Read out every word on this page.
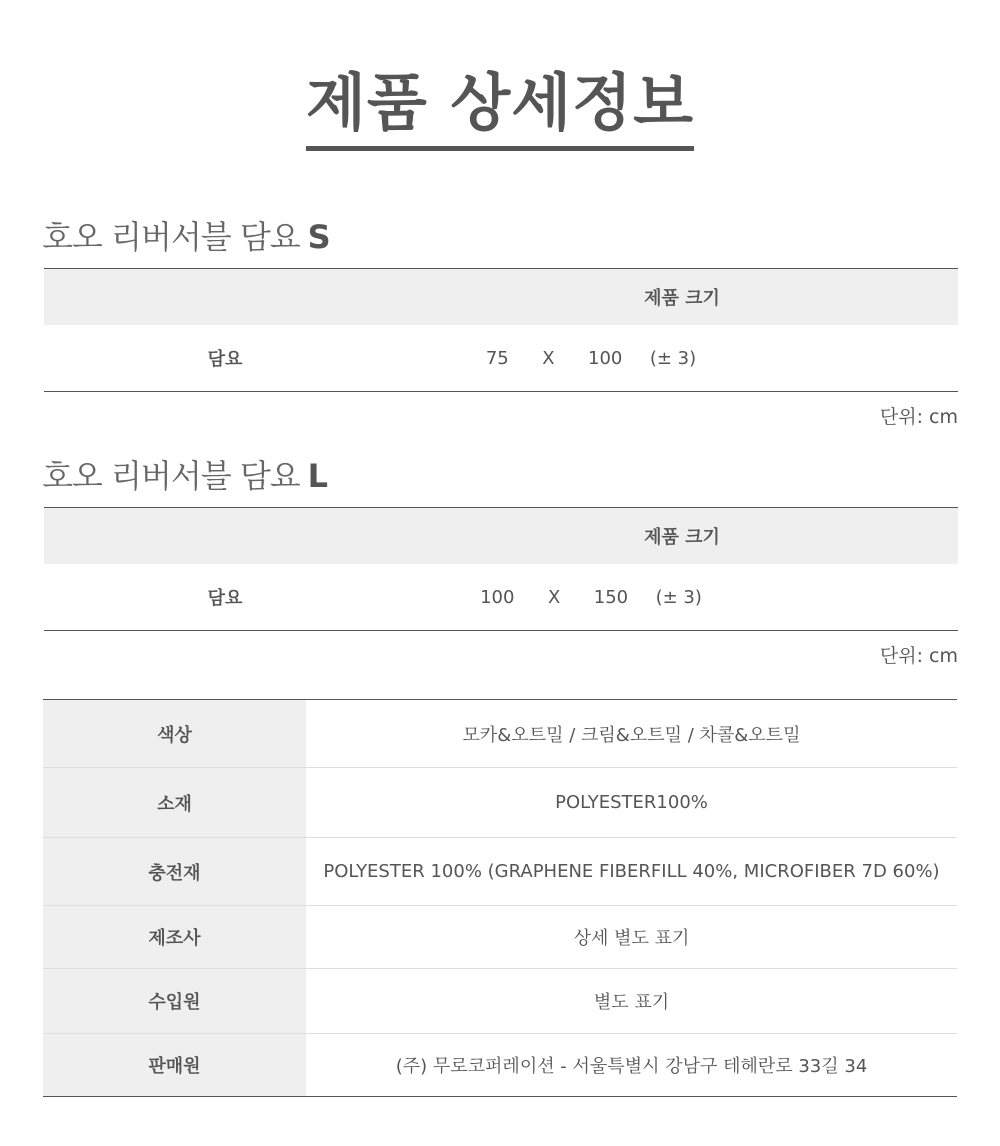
제품 상세정보
호오 리버서블 담요 S
제품 크기
담요	75 X 100 (± 3)
단위: cm
호오 리버서블 담요 L
제품 크기
담요	100 X 150 (± 3)
단위: cm
색상	모카&오트밀 / 크림&오트밀 / 차콜&오트밀
소재	POLYESTER100%
충전재	POLYESTER 100% (GRAPHENE FIBERFILL 40%, MICROFIBER 7D 60%)
제조사	상세 별도 표기
수입원	별도 표기
판매원	(주) 무로코퍼레이션 - 서울특별시 강남구 테헤란로 33길 34
